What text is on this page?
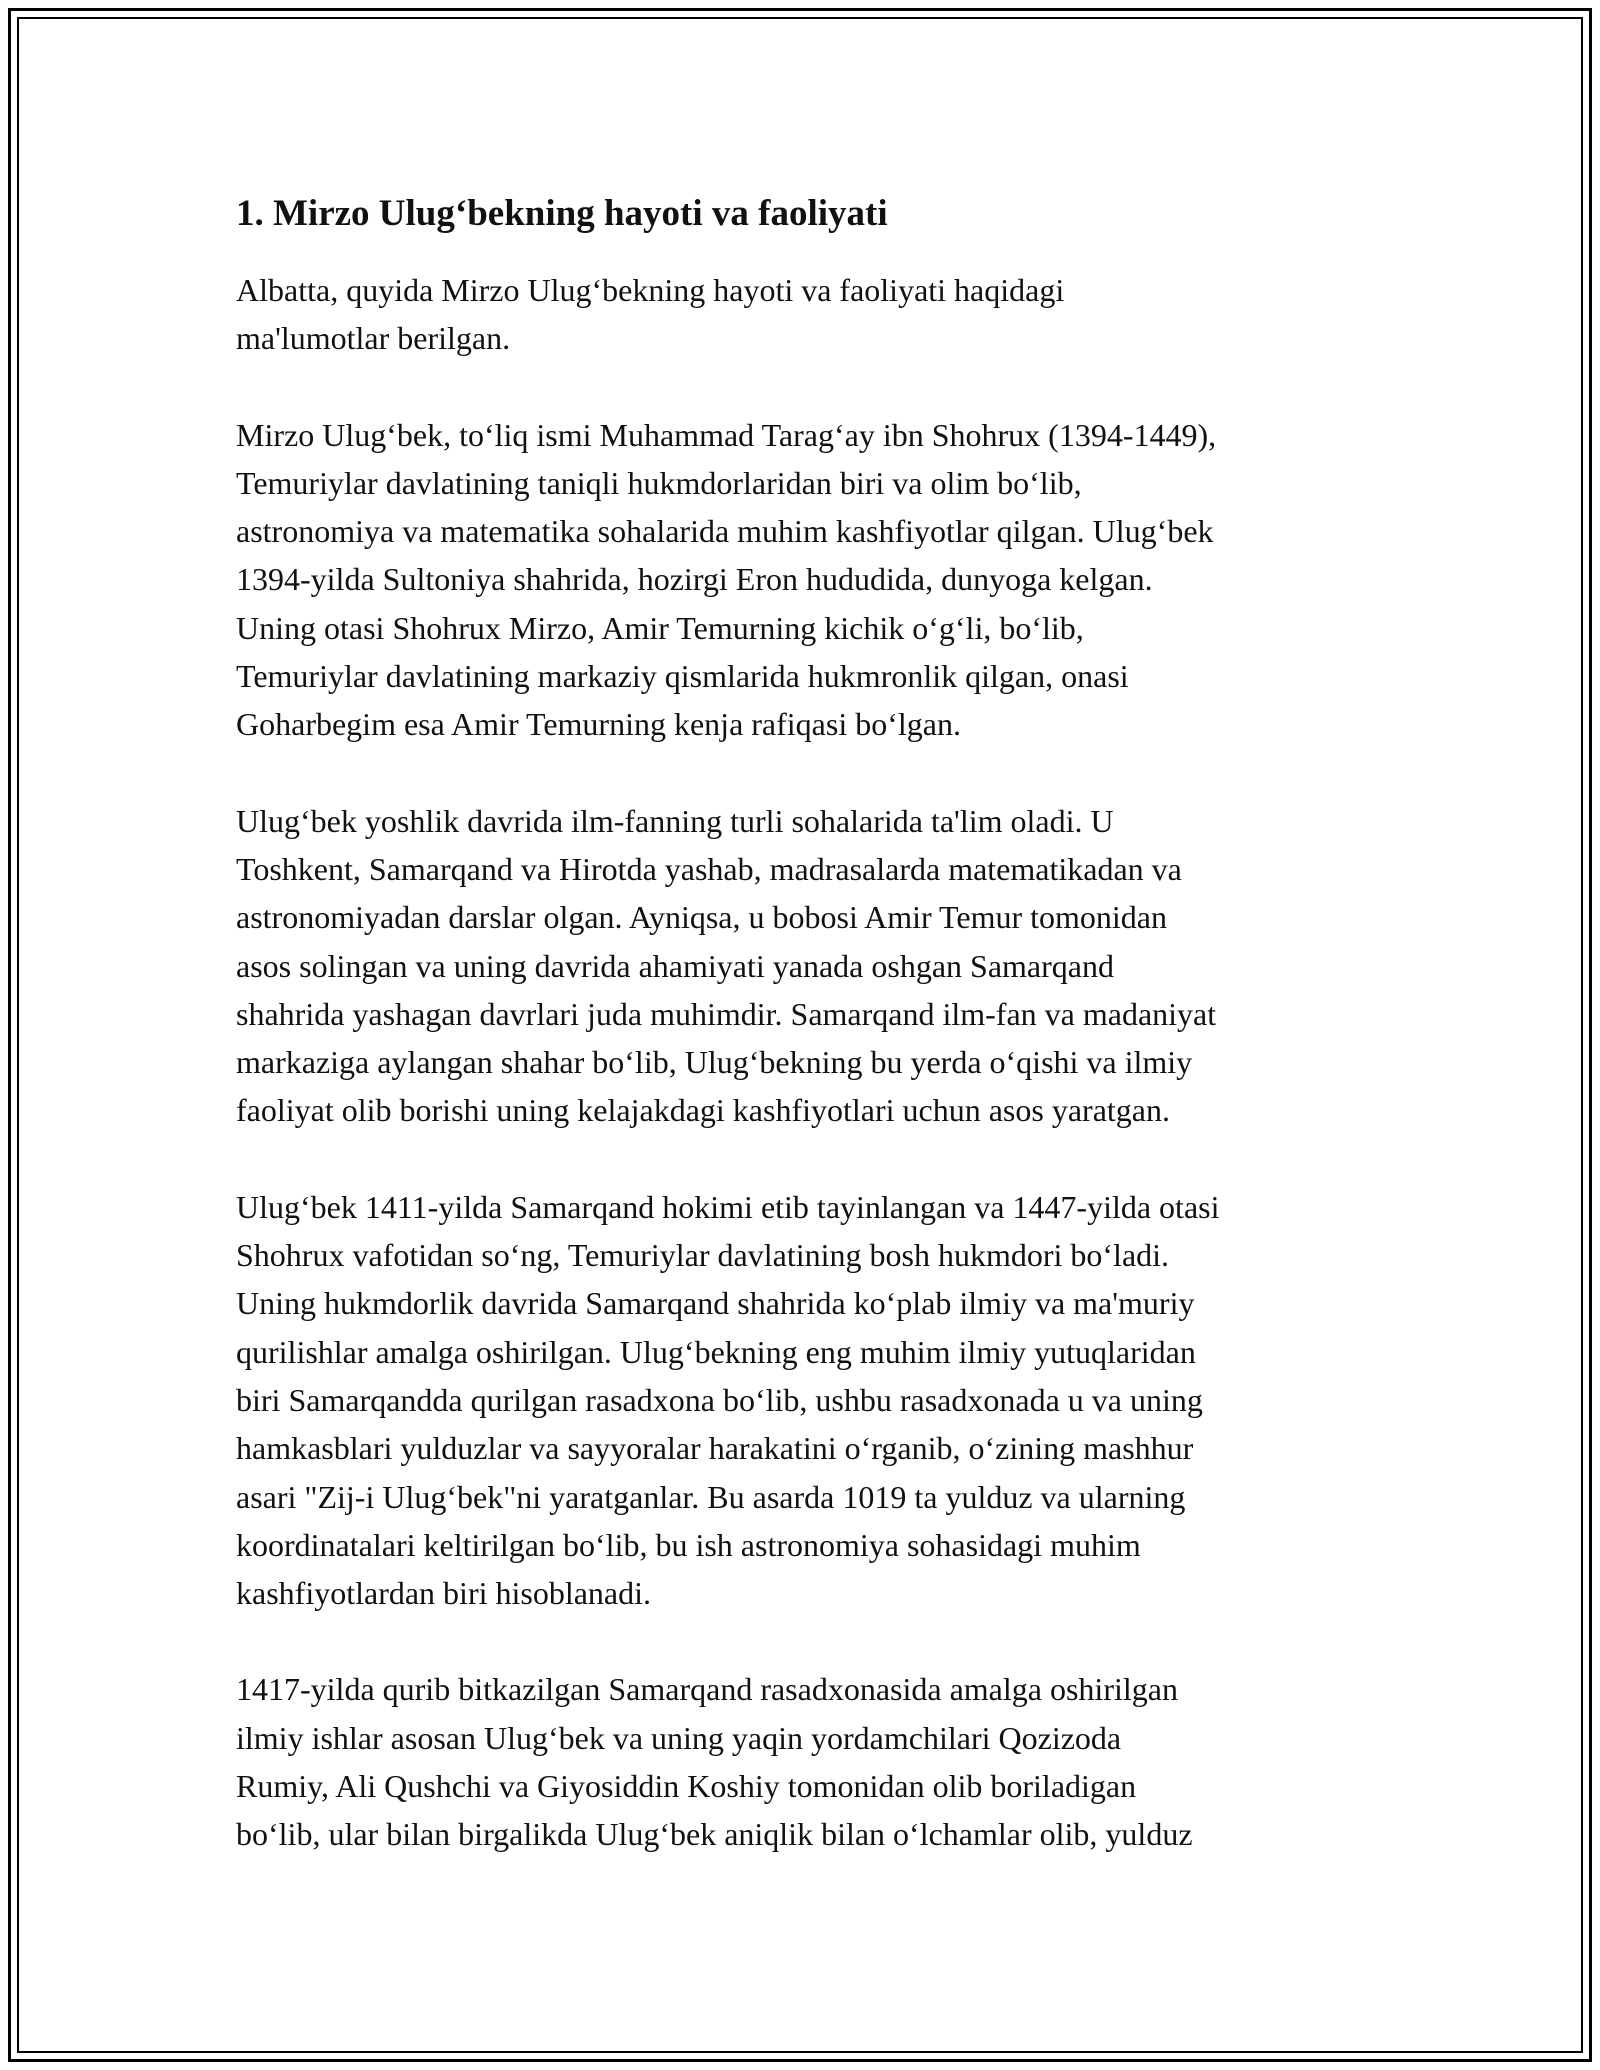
1. Mirzo Ulug‘bekning hayoti va faoliyati

Albatta, quyida Mirzo Ulug‘bekning hayoti va faoliyati haqidagi
ma'lumotlar berilgan.

Mirzo Ulug‘bek, to‘liq ismi Muhammad Tarag‘ay ibn Shohrux (1394-1449),
Temuriylar davlatining taniqli hukmdorlaridan biri va olim bo‘lib,
astronomiya va matematika sohalarida muhim kashfiyotlar qilgan. Ulug‘bek
1394-yilda Sultoniya shahrida, hozirgi Eron hududida, dunyoga kelgan.
Uning otasi Shohrux Mirzo, Amir Temurning kichik o‘g‘li, bo‘lib,
Temuriylar davlatining markaziy qismlarida hukmronlik qilgan, onasi
Goharbegim esa Amir Temurning kenja rafiqasi bo‘lgan.

Ulug‘bek yoshlik davrida ilm-fanning turli sohalarida ta'lim oladi. U
Toshkent, Samarqand va Hirotda yashab, madrasalarda matematikadan va
astronomiyadan darslar olgan. Ayniqsa, u bobosi Amir Temur tomonidan
asos solingan va uning davrida ahamiyati yanada oshgan Samarqand
shahrida yashagan davrlari juda muhimdir. Samarqand ilm-fan va madaniyat
markaziga aylangan shahar bo‘lib, Ulug‘bekning bu yerda o‘qishi va ilmiy
faoliyat olib borishi uning kelajakdagi kashfiyotlari uchun asos yaratgan.

Ulug‘bek 1411-yilda Samarqand hokimi etib tayinlangan va 1447-yilda otasi
Shohrux vafotidan so‘ng, Temuriylar davlatining bosh hukmdori bo‘ladi.
Uning hukmdorlik davrida Samarqand shahrida ko‘plab ilmiy va ma'muriy
qurilishlar amalga oshirilgan. Ulug‘bekning eng muhim ilmiy yutuqlaridan
biri Samarqandda qurilgan rasadxona bo‘lib, ushbu rasadxonada u va uning
hamkasblari yulduzlar va sayyoralar harakatini o‘rganib, o‘zining mashhur
asari "Zij-i Ulug‘bek"ni yaratganlar. Bu asarda 1019 ta yulduz va ularning
koordinatalari keltirilgan bo‘lib, bu ish astronomiya sohasidagi muhim
kashfiyotlardan biri hisoblanadi.

1417-yilda qurib bitkazilgan Samarqand rasadxonasida amalga oshirilgan
ilmiy ishlar asosan Ulug‘bek va uning yaqin yordamchilari Qozizoda
Rumiy, Ali Qushchi va Giyosiddin Koshiy tomonidan olib boriladigan
bo‘lib, ular bilan birgalikda Ulug‘bek aniqlik bilan o‘lchamlar olib, yulduz
